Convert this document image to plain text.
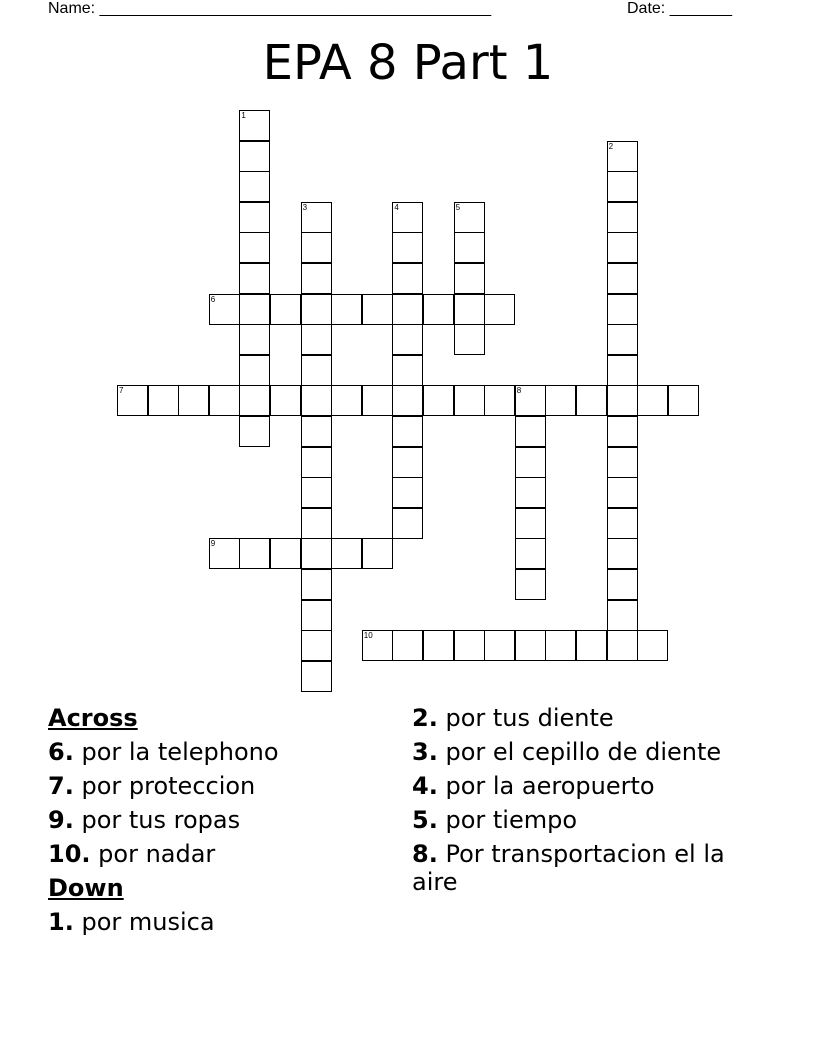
Name: ____________________________________________	Date: _______
EPA 8 Part 1
1
2
3	4	5
6
7	8
9
10
Across
6. por la telephono
7. por proteccion
9. por tus ropas
10. por nadar
Down
1. por musica
2. por tus diente
3. por el cepillo de diente
4. por la aeropuerto
5. por tiempo
8. Por transportacion el la aire
